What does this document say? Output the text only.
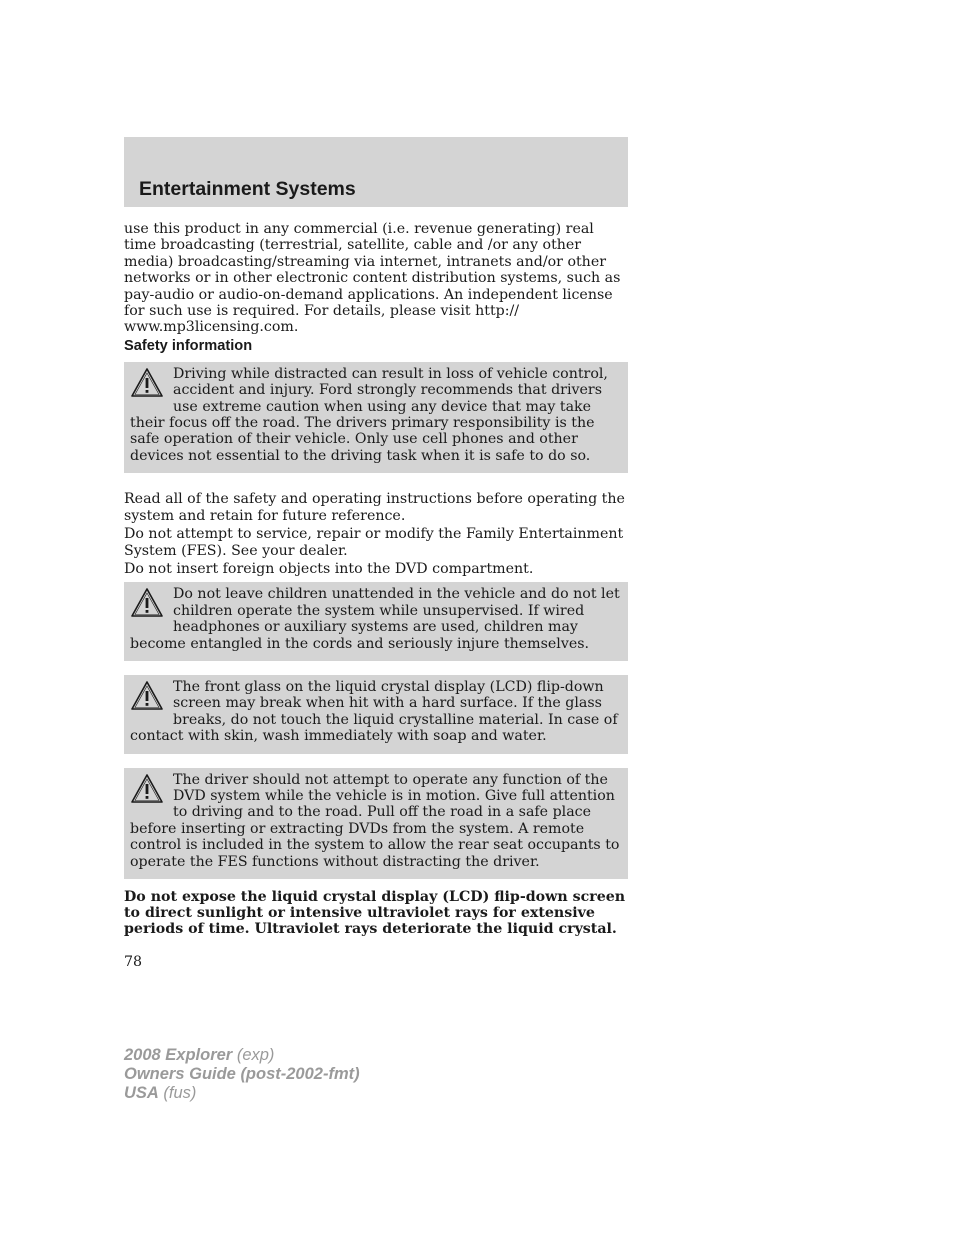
Entertainment Systems

use this product in any commercial (i.e. revenue generating) real time broadcasting (terrestrial, satellite, cable and /or any other media) broadcasting/streaming via internet, intranets and/or other networks or in other electronic content distribution systems, such as pay-audio or audio-on-demand applications. An independent license for such use is required. For details, please visit http:// www.mp3licensing.com.

Safety information

Driving while distracted can result in loss of vehicle control, accident and injury. Ford strongly recommends that drivers use extreme caution when using any device that may take their focus off the road. The drivers primary responsibility is the safe operation of their vehicle. Only use cell phones and other devices not essential to the driving task when it is safe to do so.

Read all of the safety and operating instructions before operating the system and retain for future reference.

Do not attempt to service, repair or modify the Family Entertainment System (FES). See your dealer.

Do not insert foreign objects into the DVD compartment.

Do not leave children unattended in the vehicle and do not let children operate the system while unsupervised. If wired headphones or auxiliary systems are used, children may become entangled in the cords and seriously injure themselves.

The front glass on the liquid crystal display (LCD) flip-down screen may break when hit with a hard surface. If the glass breaks, do not touch the liquid crystalline material. In case of contact with skin, wash immediately with soap and water.

The driver should not attempt to operate any function of the DVD system while the vehicle is in motion. Give full attention to driving and to the road. Pull off the road in a safe place before inserting or extracting DVDs from the system. A remote control is included in the system to allow the rear seat occupants to operate the FES functions without distracting the driver.

Do not expose the liquid crystal display (LCD) flip-down screen to direct sunlight or intensive ultraviolet rays for extensive periods of time. Ultraviolet rays deteriorate the liquid crystal.

78

2008 Explorer (exp)
Owners Guide (post-2002-fmt)
USA (fus)
